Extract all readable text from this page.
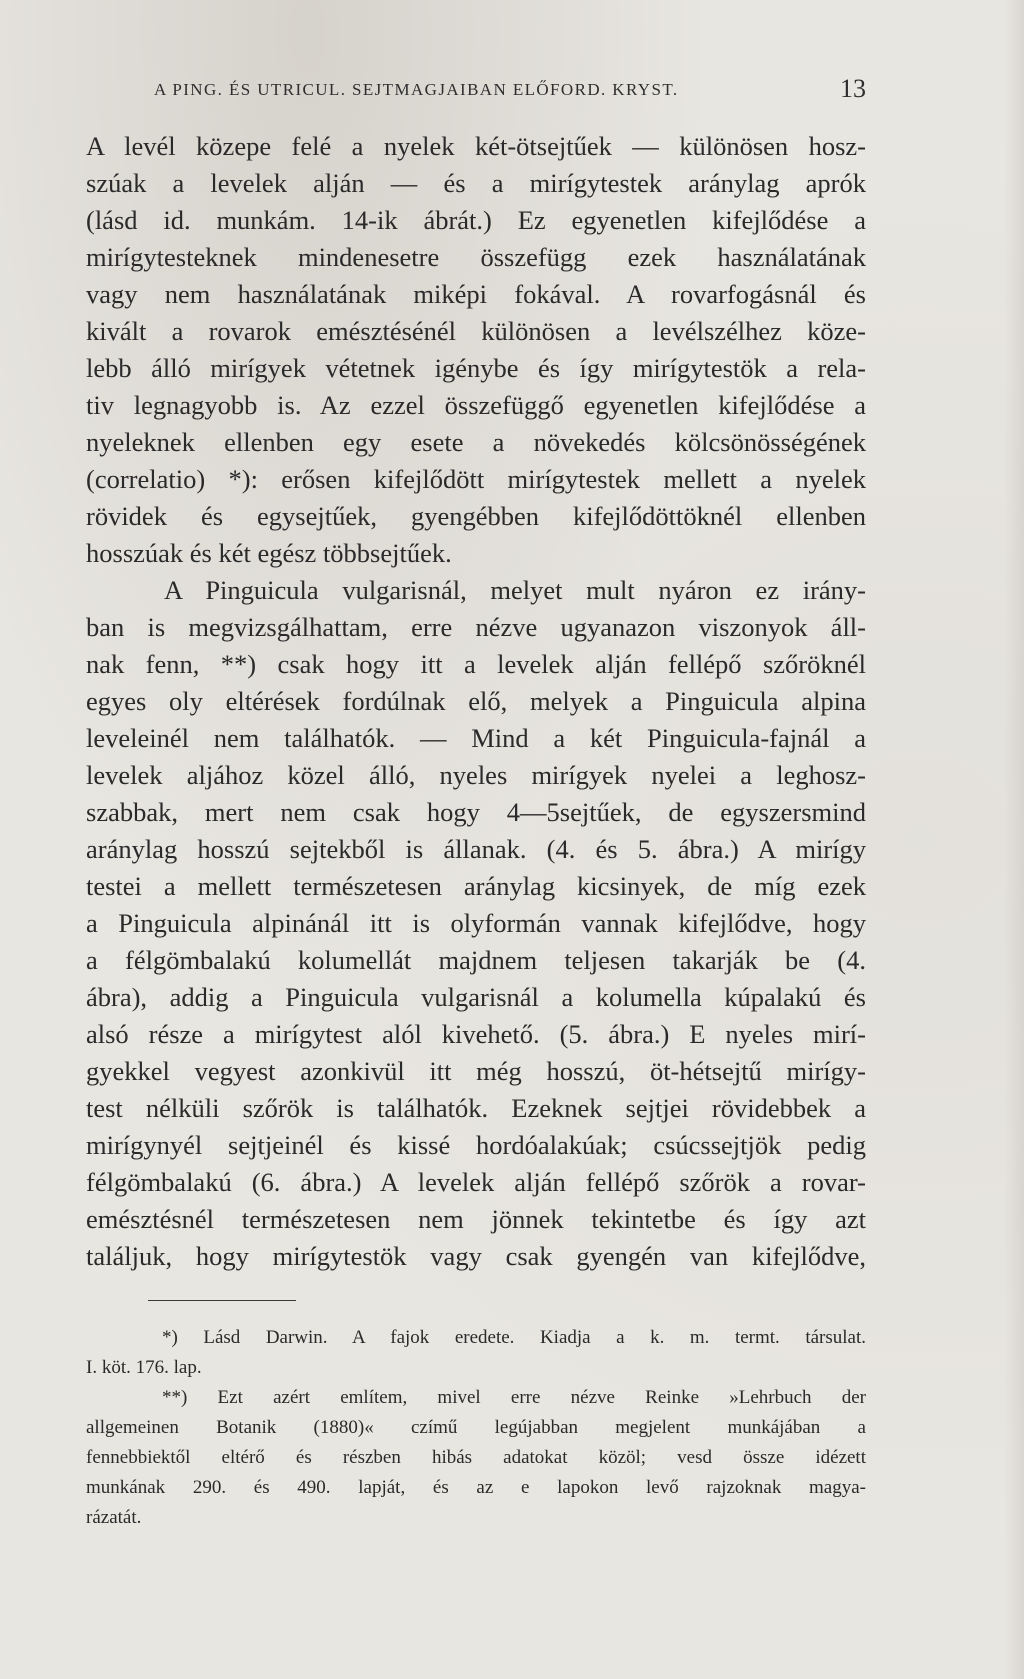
A PING. ÉS UTRICUL. SEJTMAGJAIBAN ELŐFORD. KRYST.	13
A levél közepe felé a nyelek két-ötsejtűek — különösen hosz-
szúak a levelek alján — és a mirígytestek aránylag aprók
(lásd id. munkám. 14-ik ábrát.) Ez egyenetlen kifejlődése a
mirígytesteknek mindenesetre összefügg ezek használatának
vagy nem használatának miképi fokával. A rovarfogásnál és
kivált a rovarok emésztésénél különösen a levélszélhez köze-
lebb álló mirígyek vétetnek igénybe és így mirígytestök a rela-
tiv legnagyobb is. Az ezzel összefüggő egyenetlen kifejlődése a
nyeleknek ellenben egy esete a növekedés kölcsönösségének
(correlatio) *): erősen kifejlődött mirígytestek mellett a nyelek
rövidek és egysejtűek, gyengébben kifejlődöttöknél ellenben
hosszúak és két egész többsejtűek.
A Pinguicula vulgarisnál, melyet mult nyáron ez irány-
ban is megvizsgálhattam, erre nézve ugyanazon viszonyok áll-
nak fenn, **) csak hogy itt a levelek alján fellépő szőröknél
egyes oly eltérések fordúlnak elő, melyek a Pinguicula alpina
leveleinél nem találhatók. — Mind a két Pinguicula-fajnál a
levelek aljához közel álló, nyeles mirígyek nyelei a leghosz-
szabbak, mert nem csak hogy 4—5sejtűek, de egyszersmind
aránylag hosszú sejtekből is állanak. (4. és 5. ábra.) A mirígy
testei a mellett természetesen aránylag kicsinyek, de míg ezek
a Pinguicula alpinánál itt is olyformán vannak kifejlődve, hogy
a félgömbalakú kolumellát majdnem teljesen takarják be (4.
ábra), addig a Pinguicula vulgarisnál a kolumella kúpalakú és
alsó része a mirígytest alól kivehető. (5. ábra.) E nyeles mirí-
gyekkel vegyest azonkivül itt még hosszú, öt-hétsejtű mirígy-
test nélküli szőrök is találhatók. Ezeknek sejtjei rövidebbek a
mirígynyél sejtjeinél és kissé hordóalakúak; csúcssejtjök pedig
félgömbalakú (6. ábra.) A levelek alján fellépő szőrök a rovar-
emésztésnél természetesen nem jönnek tekintetbe és így azt
találjuk, hogy mirígytestök vagy csak gyengén van kifejlődve,
*) Lásd Darwin. A fajok eredete. Kiadja a k. m. termt. társulat.
I. köt. 176. lap.
**) Ezt azért említem, mivel erre nézve Reinke »Lehrbuch der
allgemeinen Botanik (1880)« czímű legújabban megjelent munkájában a
fennebbiektől eltérő és részben hibás adatokat közöl; vesd össze idézett
munkának 290. és 490. lapját, és az e lapokon levő rajzoknak magya-
rázatát.
